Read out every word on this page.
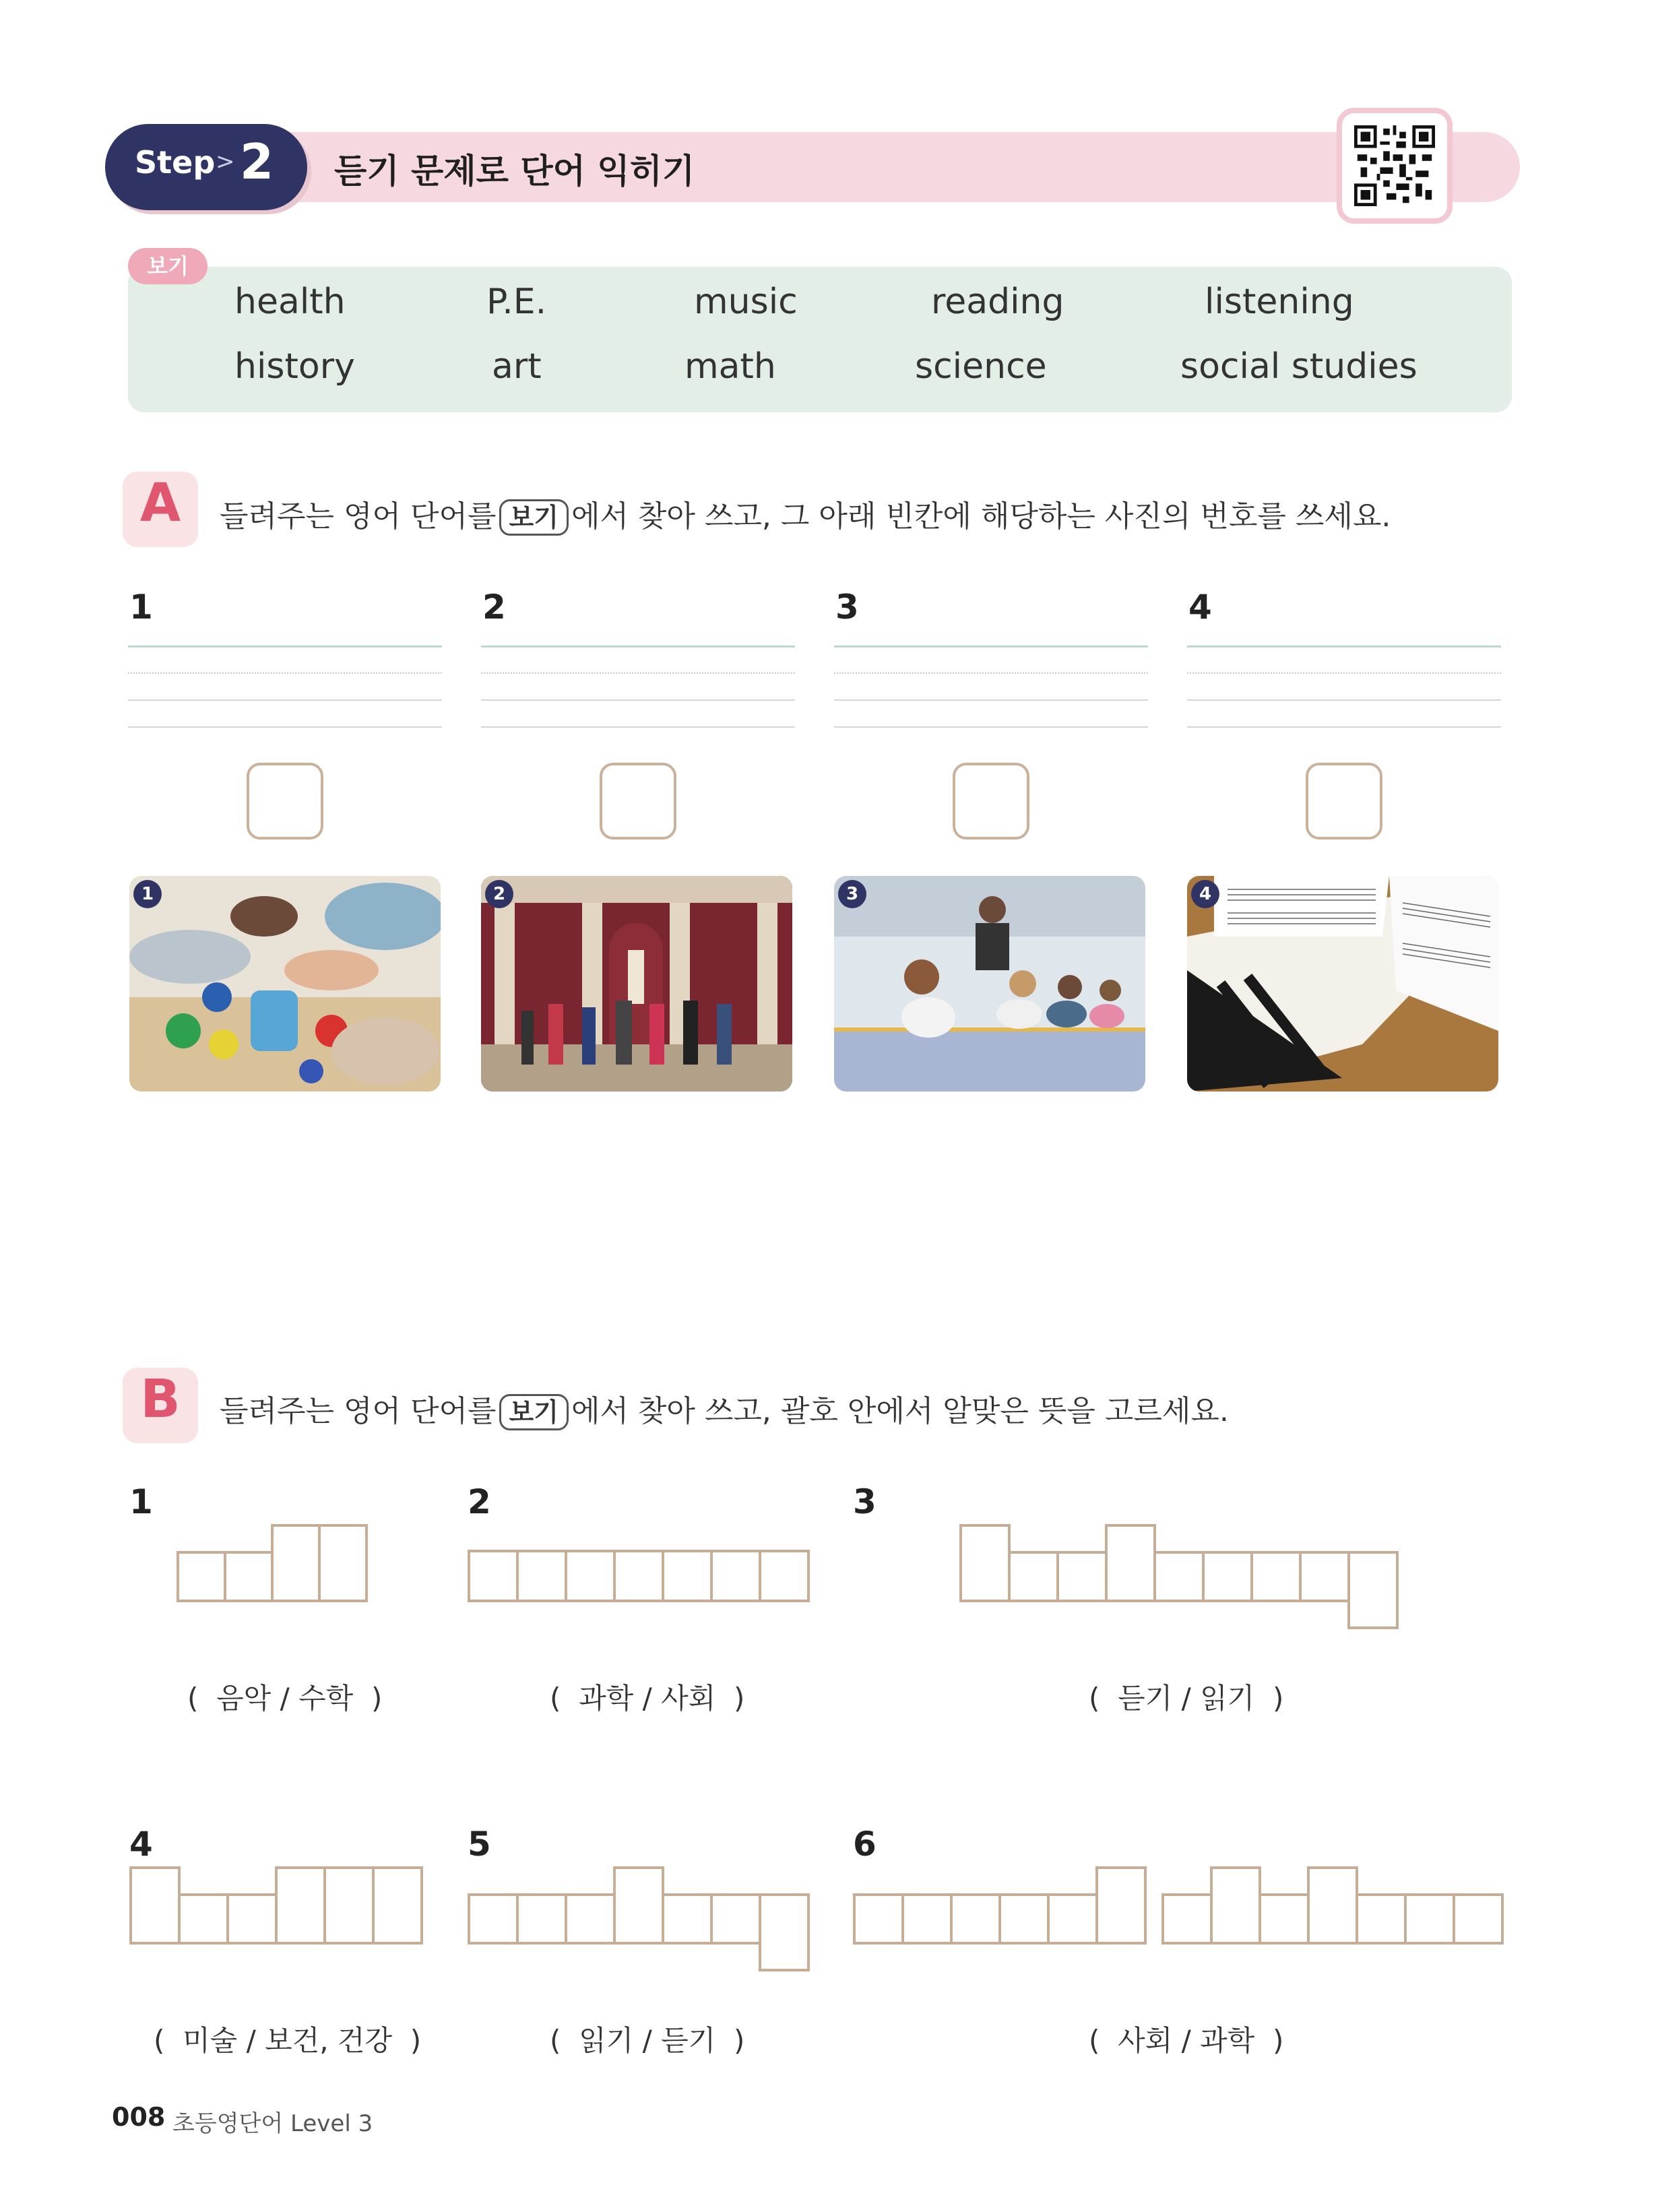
Step > 2 듣기 문제로 단어 익히기
보기
health	P.E.	music	reading	listening
history	art	math	science	social studies
A	들려주는 영어 단어를 보기 에서 찾아 쓰고, 그 아래 빈칸에 해당하는 사진의 번호를 쓰세요.
1	2	3	4
1	2	3	4
B	들려주는 영어 단어를 보기 에서 찾아 쓰고, 괄호 안에서 알맞은 뜻을 고르세요.
1	2	3
4	5	6
( 음악 / 수학 )	( 과학 / 사회 )	( 듣기 / 읽기 )
( 미술 / 보건, 건강 )	( 읽기 / 듣기 )	( 사회 / 과학 )
008 초등영단어 Level 3
